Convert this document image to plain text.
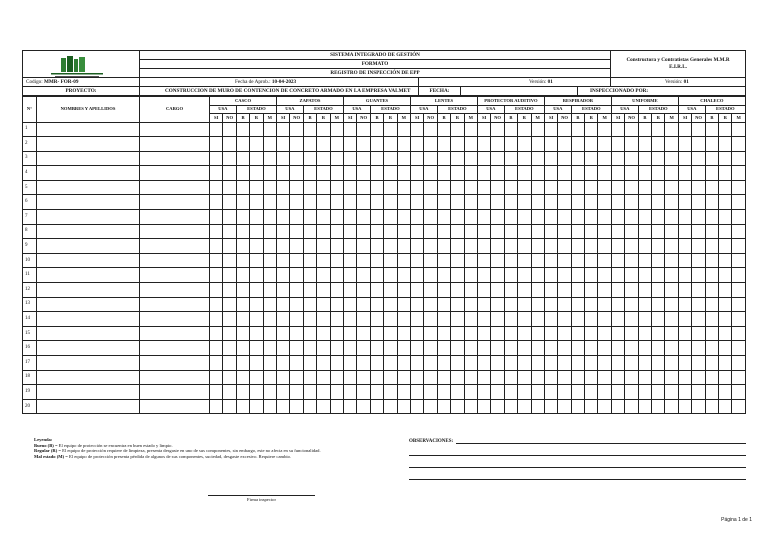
	SISTEMA INTEGRADO DE GESTIÓN				Constructora y Contratistas Generales M.M.R E.I.R.L.
	FORMATO				
	REGISTRO DE INSPECCIÓN DE EPP				
Codigo: MMR- FOR-09	Fecha de Aprob.: 10-04-2023	Versión: 01			Versión: 01
PROYECTO:	CONSTRUCCION DE MURO DE CONTENCION DE CONCRETO ARMADO EN LA EMPRESA VALMET	FECHA:		INSPECCIONADO POR:	
N°	NOMBRES Y APELLIDOS	CARGO	CASCO					ZAPATOS					GUANTES					LENTES					PROTECTOR AUDITIVO					RESPIRADOR					UNIFORME					CHALECO				
			USA		ESTADO			USA		ESTADO			USA		ESTADO			USA		ESTADO			USA		ESTADO			USA		ESTADO			USA		ESTADO			USA		ESTADO		
			SI	NO	B	R	M	SI	NO	B	R	M	SI	NO	B	R	M	SI	NO	B	R	M	SI	NO	B	R	M	SI	NO	B	R	M	SI	NO	B	R	M	SI	NO	B	R	M
1																																										
2																																										
3																																										
4																																										
5																																										
6																																										
7																																										
8																																										
9																																										
10																																										
11																																										
12																																										
13																																										
14																																										
15																																										
16																																										
17																																										
18																																										
19																																										
20																																										
Leyenda:
Bueno (B) = El equipo de protección se encuentra en buen estado y limpio.
Regular (R) = El equipo de protección requiere de limpieza, presenta desgaste en uno de sus componentes, sin embargo, este no afecta en su funcionalidad.
Mal estado (M) = El equipo de protección presenta pérdida de algunos de sus componentes, suciedad, desgaste excesivo. Requiere cambio.
OBSERVACIONES:
Firma inspector
Página 1 de 1
